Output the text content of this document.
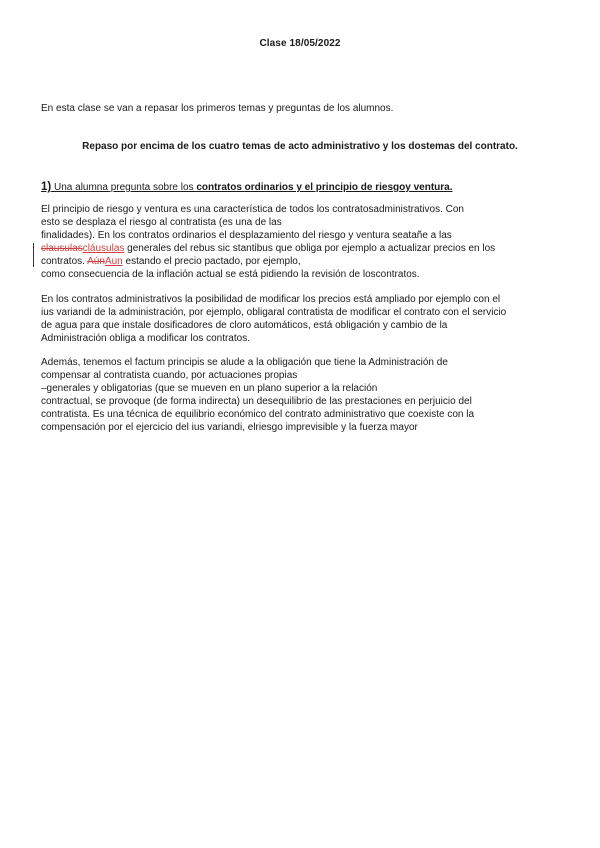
Clase 18/05/2022
En esta clase se van a repasar los primeros temas y preguntas de los alumnos.
Repaso por encima de los cuatro temas de acto administrativo y los dostemas del contrato.
1) Una alumna pregunta sobre los contratos ordinarios y el principio de riesgoy ventura.
El principio de riesgo y ventura es una característica de todos los contratosadministrativos. Con
esto se desplaza el riesgo al contratista (es una de las
finalidades). En los contratos ordinarios el desplazamiento del riesgo y ventura seatañe a las
clausulascláusulas generales del rebus sic stantibus que obliga por ejemplo a actualizar precios en los
contratos. AúnAun estando el precio pactado, por ejemplo,
como consecuencia de la inflación actual se está pidiendo la revisión de loscontratos.
En los contratos administrativos la posibilidad de modificar los precios está ampliado por ejemplo con el
ius variandi de la administración, por ejemplo, obligaral contratista de modificar el contrato con el servicio
de agua para que instale dosificadores de cloro automáticos, está obligación y cambio de la
Administración obliga a modificar los contratos.
Además, tenemos el factum principis se alude a la obligación que tiene la Administración de
compensar al contratista cuando, por actuaciones propias
–generales y obligatorias (que se mueven en un plano superior a la relación
contractual, se provoque (de forma indirecta) un desequilibrio de las prestaciones en perjuicio del
contratista. Es una técnica de equilibrio económico del contrato administrativo que coexiste con la
compensación por el ejercicio del ius variandi, elriesgo imprevisible y la fuerza mayor
